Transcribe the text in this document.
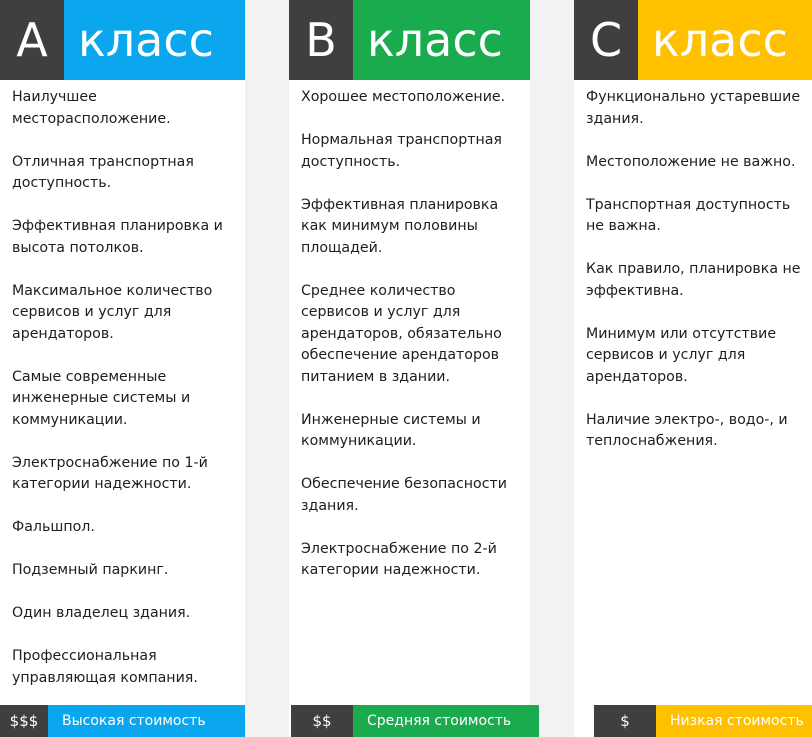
A класс
Наилучшее месторасположение.
Отличная транспортная доступность.
Эффективная планировка и высота потолков.
Максимальное количество сервисов и услуг для арендаторов.
Самые современные инженерные системы и коммуникации.
Электроснабжение по 1-й категории надежности.
Фальшпол.
Подземный паркинг.
Один владелец здания.
Профессиональная управляющая компания.
$$$	Высокая стоимость
B класс
Хорошее местоположение.
Нормальная транспортная доступность.
Эффективная планировка как минимум половины площадей.
Среднее количество сервисов и услуг для арендаторов, обязательно обеспечение арендаторов питанием в здании.
Инженерные системы и коммуникации.
Обеспечение безопасности здания.
Электроснабжение по 2-й категории надежности.
$$	Средняя стоимость
C класс
Функционально устаревшие здания.
Местоположение не важно.
Транспортная доступность не важна.
Как правило, планировка не эффективна.
Минимум или отсутствие сервисов и услуг для арендаторов.
Наличие электро-, водо-, и теплоснабжения.
$	Низкая стоимость
